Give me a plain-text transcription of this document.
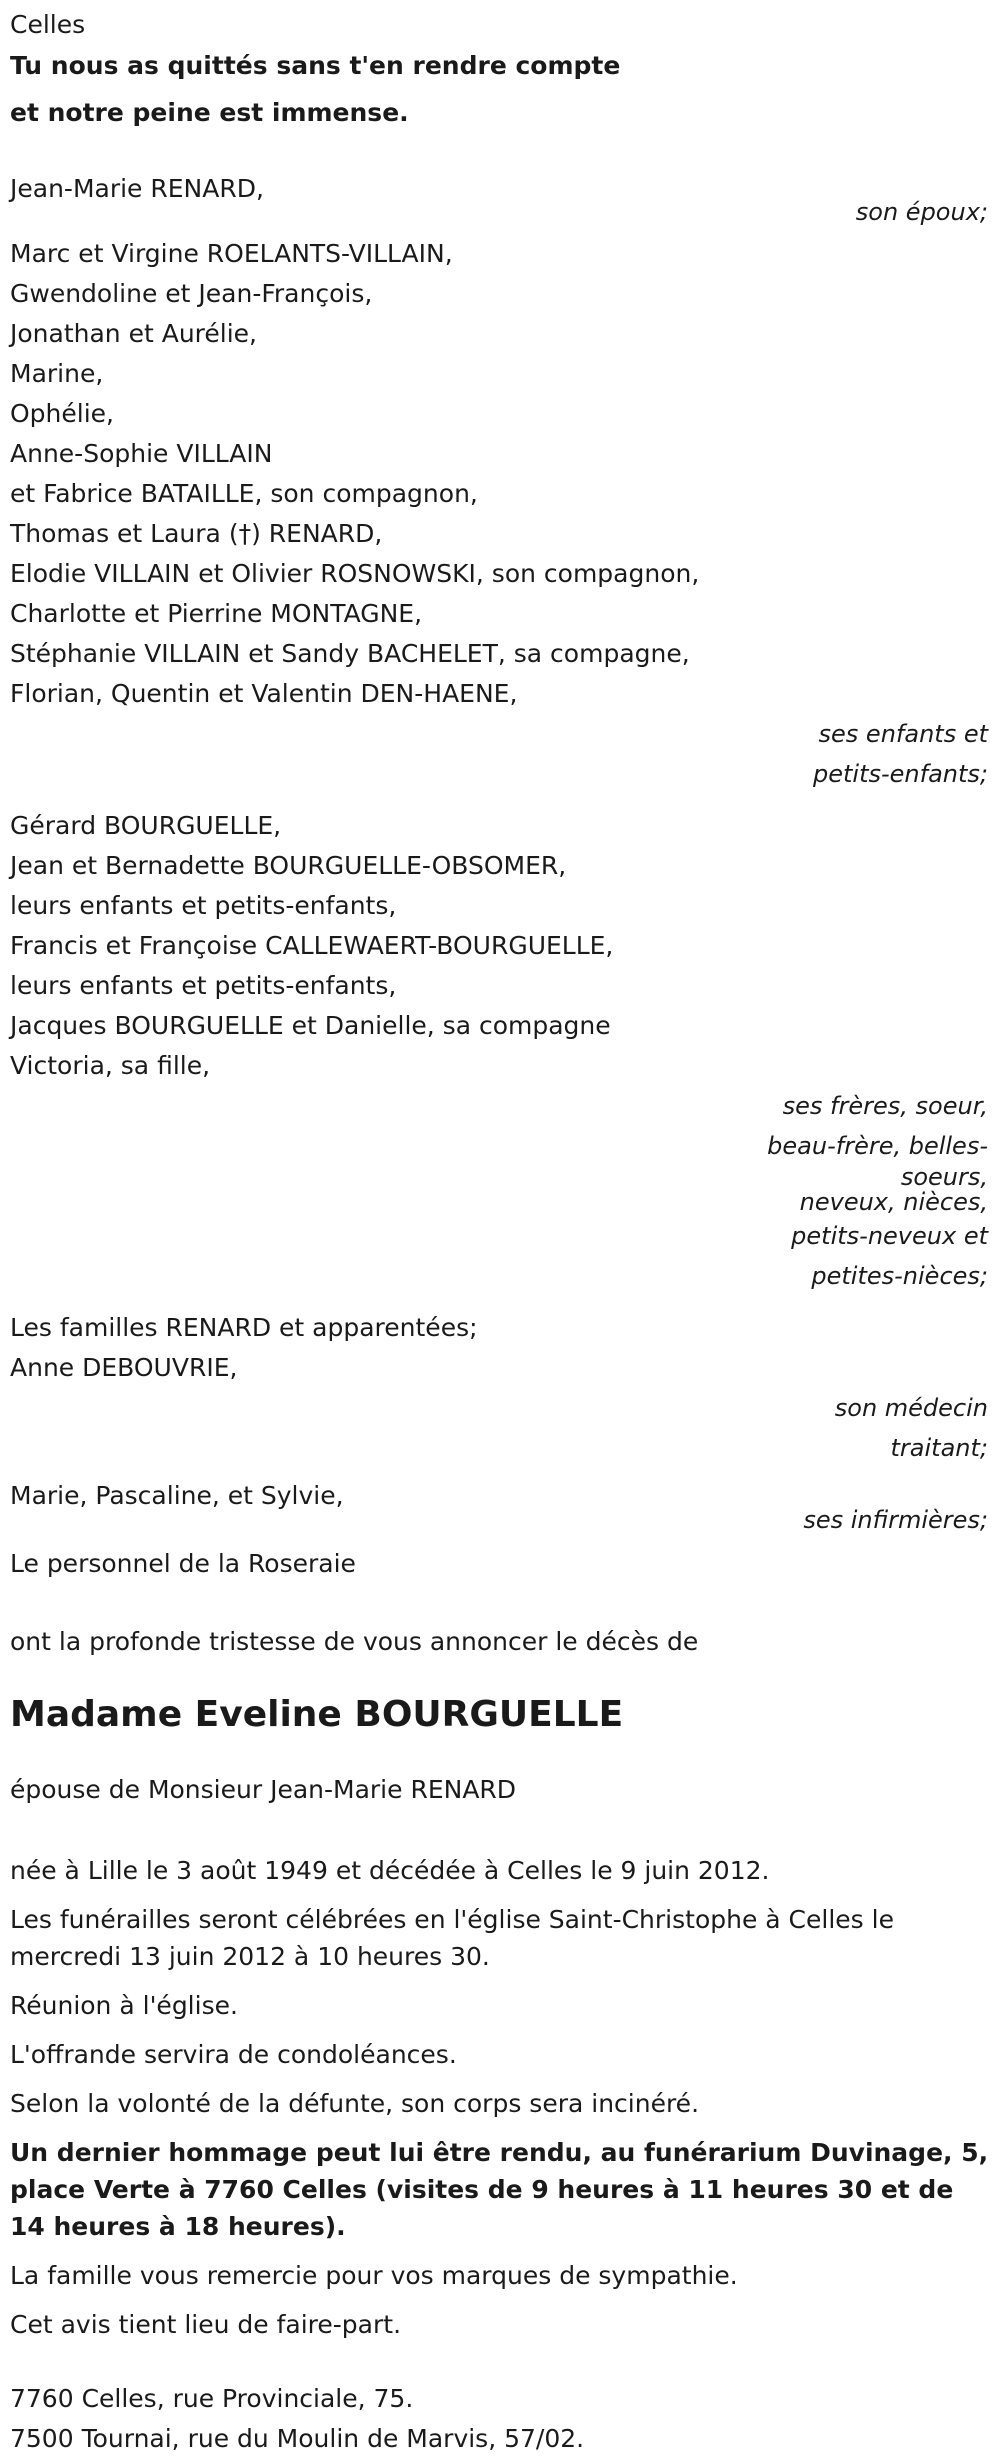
Celles

Tu nous as quittés sans t'en rendre compte

et notre peine est immense.

Jean-Marie RENARD,

son époux;

Marc et Virgine ROELANTS-VILLAIN,

Gwendoline et Jean-François,

Jonathan et Aurélie,

Marine,

Ophélie,

Anne-Sophie VILLAIN

et Fabrice BATAILLE, son compagnon,

Thomas et Laura (†) RENARD,

Elodie VILLAIN et Olivier ROSNOWSKI, son compagnon,

Charlotte et Pierrine MONTAGNE,

Stéphanie VILLAIN et Sandy BACHELET, sa compagne,

Florian, Quentin et Valentin DEN-HAENE,

ses enfants et

petits-enfants;

Gérard BOURGUELLE,

Jean et Bernadette BOURGUELLE-OBSOMER,

leurs enfants et petits-enfants,

Francis et Françoise CALLEWAERT-BOURGUELLE,

leurs enfants et petits-enfants,

Jacques BOURGUELLE et Danielle, sa compagne

Victoria, sa fille,

ses frères, soeur,

beau-frère, belles-

soeurs,

neveux, nièces,

petits-neveux et

petites-nièces;

Les familles RENARD et apparentées;

Anne DEBOUVRIE,

son médecin

traitant;

Marie, Pascaline, et Sylvie,

ses infirmières;

Le personnel de la Roseraie

ont la profonde tristesse de vous annoncer le décès de

Madame Eveline BOURGUELLE

épouse de Monsieur Jean-Marie RENARD

née à Lille le 3 août 1949 et décédée à Celles le 9 juin 2012.

Les funérailles seront célébrées en l'église Saint-Christophe à Celles le mercredi 13 juin 2012 à 10 heures 30.

Réunion à l'église.

L'offrande servira de condoléances.

Selon la volonté de la défunte, son corps sera incinéré.

Un dernier hommage peut lui être rendu, au funérarium Duvinage, 5, place Verte à 7760 Celles (visites de 9 heures à 11 heures 30 et de 14 heures à 18 heures).

La famille vous remercie pour vos marques de sympathie.

Cet avis tient lieu de faire-part.

7760 Celles, rue Provinciale, 75.

7500 Tournai, rue du Moulin de Marvis, 57/02.
